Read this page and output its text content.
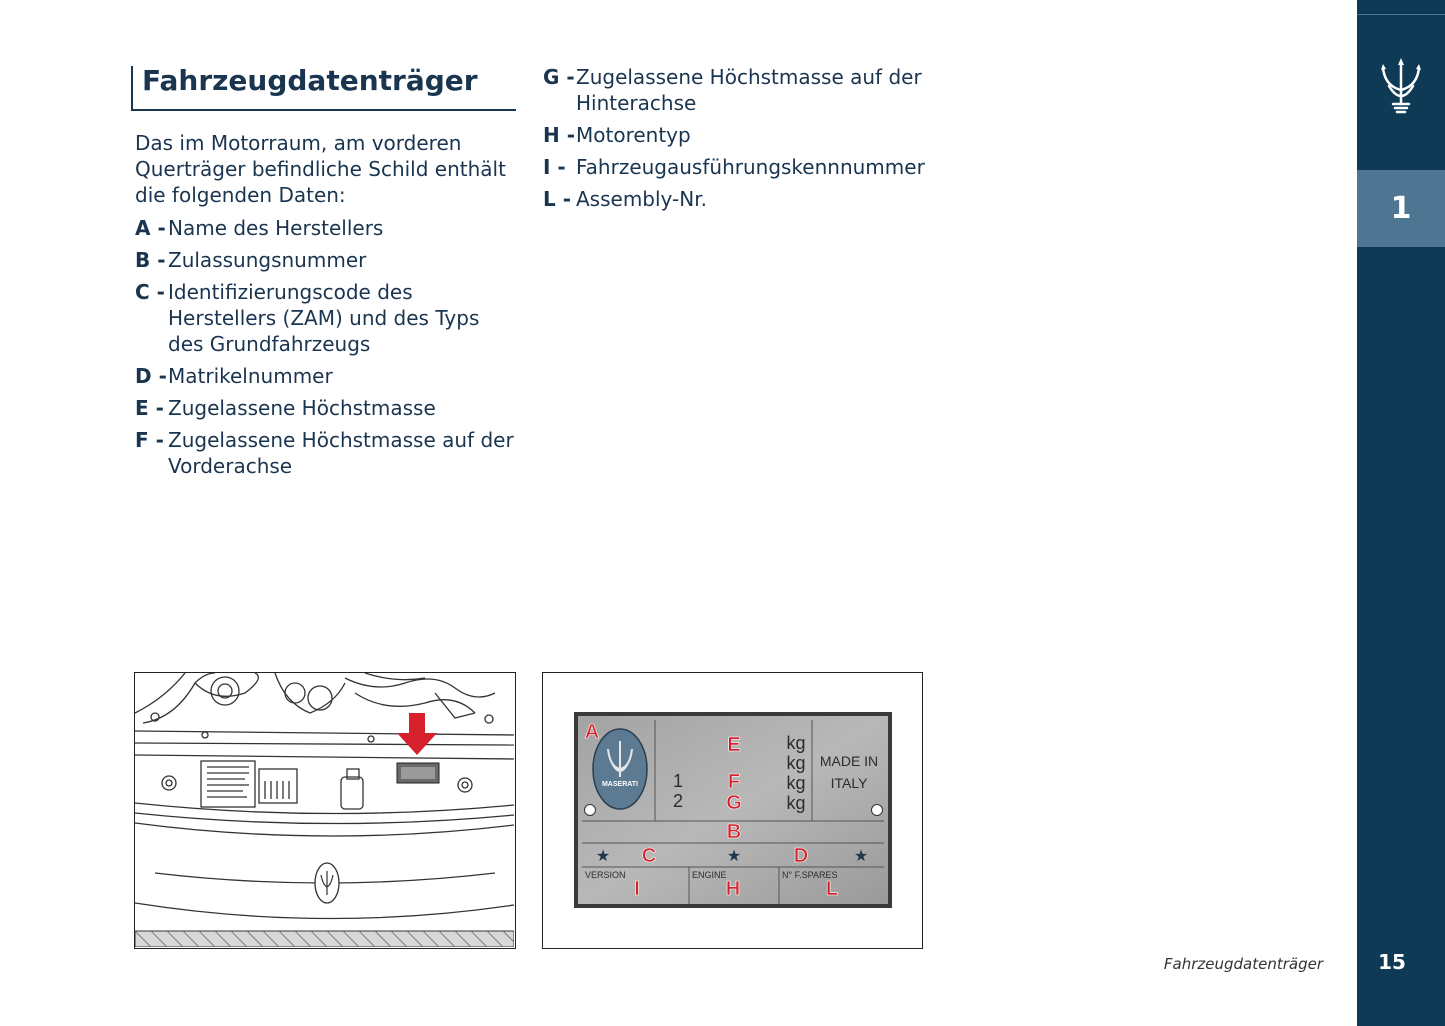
1
15
Fahrzeugdatenträger

Das im Motorraum, am vorderen Querträger befindliche Schild enthält die folgenden Daten:

A - Name des Herstellers
B - Zulassungsnummer
C - Identifizierungscode des Herstellers (ZAM) und des Typs des Grundfahrzeugs
D - Matrikelnummer
E - Zugelassene Höchstmasse
F - Zugelassene Höchstmasse auf der Vorderachse
G - Zugelassene Höchstmasse auf der Hinterachse
H - Motorentyp
I - Fahrzeugausführungskennnummer
L - Assembly-Nr.
MASERATI
kg
kg
kg
kg
1
2
MADE IN
ITALY
VERSION	ENGINE	N° F.SPARES
★	★	★
A
E
F
G
B
C	D
I	H	L
Fahrzeugdatenträger
